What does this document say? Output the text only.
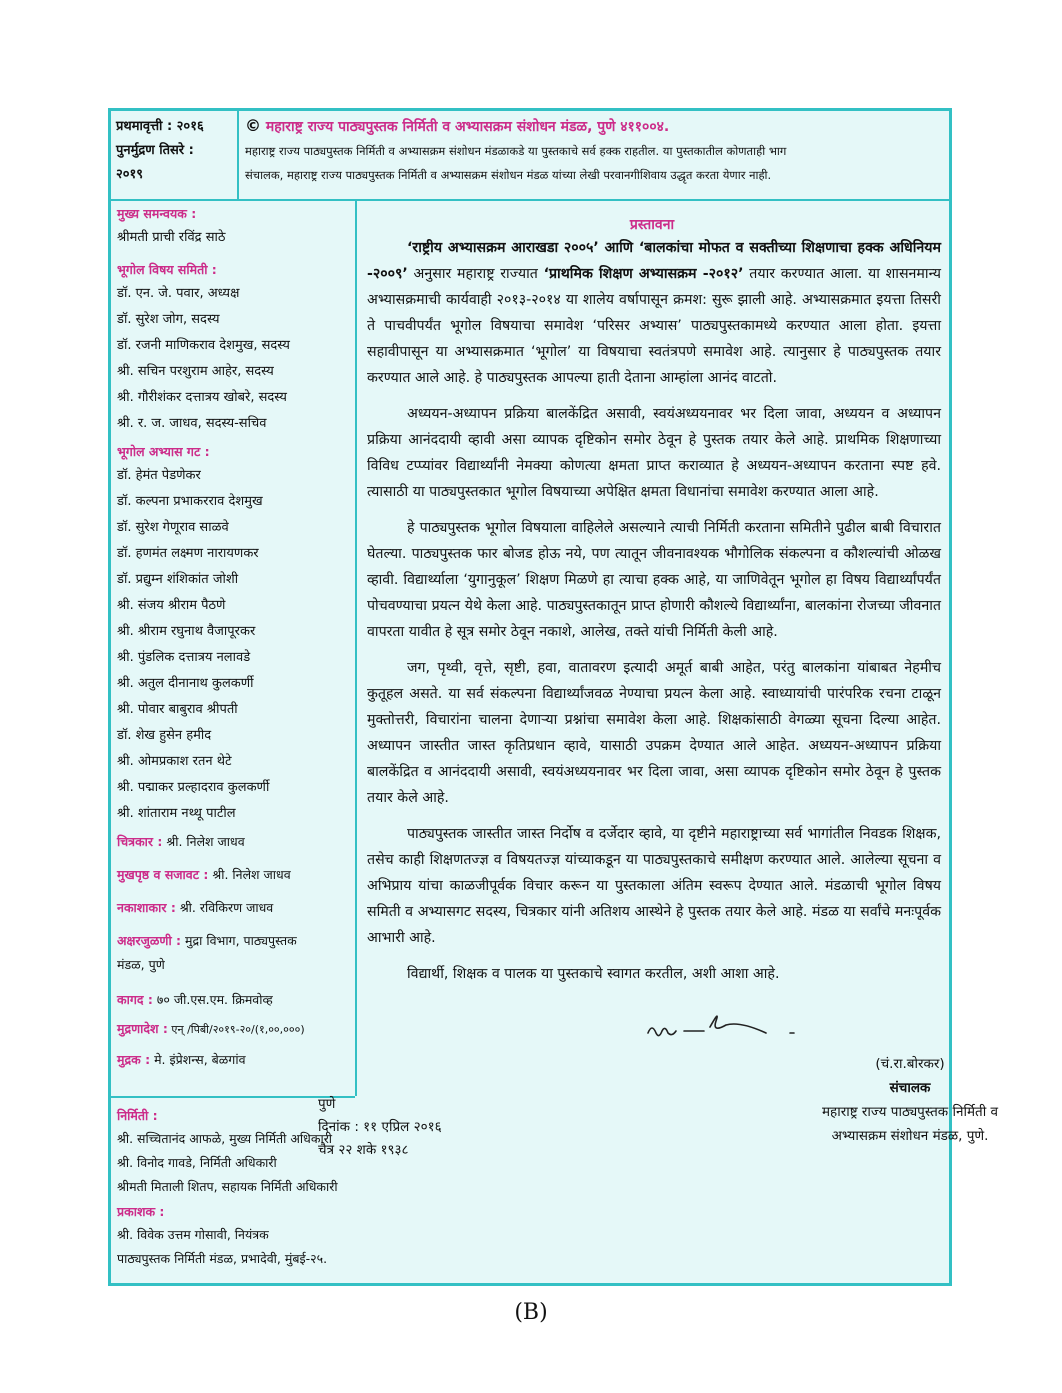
प्रथमावृत्ती : २०१६
पुनर्मुद्रण तिसरे :
२०१९
© महाराष्ट्र राज्य पाठ्यपुस्तक निर्मिती व अभ्यासक्रम संशोधन मंडळ, पुणे ४११००४.
महाराष्ट्र राज्य पाठ्यपुस्तक निर्मिती व अभ्यासक्रम संशोधन मंडळाकडे या पुस्तकाचे सर्व हक्क राहतील. या पुस्तकातील कोणताही भाग
संचालक, महाराष्ट्र राज्य पाठ्यपुस्तक निर्मिती व अभ्यासक्रम संशोधन मंडळ यांच्या लेखी परवानगीशिवाय उद्धृत करता येणार नाही.
मुख्य समन्वयक :
श्रीमती प्राची रविंद्र साठे
भूगोल विषय समिती :
डॉ. एन. जे. पवार, अध्यक्ष
डॉ. सुरेश जोग, सदस्य
डॉ. रजनी माणिकराव देशमुख, सदस्य
श्री. सचिन परशुराम आहेर, सदस्य
श्री. गौरीशंकर दत्तात्रय खोबरे, सदस्य
श्री. र. ज. जाधव, सदस्य-सचिव
भूगोल अभ्यास गट :
डॉ. हेमंत पेडणेकर
डॉ. कल्पना प्रभाकरराव देशमुख
डॉ. सुरेश गेणूराव साळवे
डॉ. हणमंत लक्ष्मण नारायणकर
डॉ. प्रद्युम्न शंशिकांत जोशी
श्री. संजय श्रीराम पैठणे
श्री. श्रीराम रघुनाथ वैजापूरकर
श्री. पुंडलिक दत्तात्रय नलावडे
श्री. अतुल दीनानाथ कुलकर्णी
श्री. पोवार बाबुराव श्रीपती
डॉ. शेख हुसेन हमीद
श्री. ओमप्रकाश रतन थेटे
श्री. पद्माकर प्रल्हादराव कुलकर्णी
श्री. शांताराम नथ्थू पाटील
चित्रकार : श्री. निलेश जाधव
मुखपृष्ठ व सजावट : श्री. निलेश जाधव
नकाशाकार : श्री. रविकिरण जाधव
अक्षरजुळणी : मुद्रा विभाग, पाठ्यपुस्तक
मंडळ, पुणे
कागद : ७० जी.एस.एम. क्रिमवोव्ह
मुद्रणादेश : एन् /पिबी/२०१९-२०/(१,००,०००)
मुद्रक : मे. इंप्रेशन्स, बेळगांव
निर्मिती :
श्री. सच्चितानंद आफळे, मुख्य निर्मिती अधिकारी
श्री. विनोद गावडे, निर्मिती अधिकारी
श्रीमती मिताली शितप, सहायक निर्मिती अधिकारी
प्रकाशक :
श्री. विवेक उत्तम गोसावी, नियंत्रक
पाठ्यपुस्तक निर्मिती मंडळ, प्रभादेवी, मुंबई-२५.
प्रस्तावना

‘राष्ट्रीय अभ्यासक्रम आराखडा २००५’ आणि ‘बालकांचा मोफत व सक्तीच्या शिक्षणाचा हक्क अधिनियम -२००९’ अनुसार महाराष्ट्र राज्यात ‘प्राथमिक शिक्षण अभ्यासक्रम -२०१२’ तयार करण्यात आला. या शासनमान्य अभ्यासक्रमाची कार्यवाही २०१३-२०१४ या शालेय वर्षापासून क्रमश: सुरू झाली आहे. अभ्यासक्रमात इयत्ता तिसरी ते पाचवीपर्यंत भूगोल विषयाचा समावेश ‘परिसर अभ्यास’ पाठ्यपुस्तकामध्ये करण्यात आला होता. इयत्ता सहावीपासून या अभ्यासक्रमात ‘भूगोल’ या विषयाचा स्वतंत्रपणे समावेश आहे. त्यानुसार हे पाठ्यपुस्तक तयार करण्यात आले आहे. हे पाठ्यपुस्तक आपल्या हाती देताना आम्हांला आनंद वाटतो.

अध्ययन-अध्यापन प्रक्रिया बालकेंद्रित असावी, स्वयंअध्ययनावर भर दिला जावा, अध्ययन व अध्यापन प्रक्रिया आनंददायी व्हावी असा व्यापक दृष्टिकोन समोर ठेवून हे पुस्तक तयार केले आहे. प्राथमिक शिक्षणाच्या विविध टप्प्यांवर विद्यार्थ्यांनी नेमक्या कोणत्या क्षमता प्राप्त कराव्यात हे अध्ययन-अध्यापन करताना स्पष्ट हवे. त्यासाठी या पाठ्यपुस्तकात भूगोल विषयाच्या अपेक्षित क्षमता विधानांचा समावेश करण्यात आला आहे.

हे पाठ्यपुस्तक भूगोल विषयाला वाहिलेले असल्याने त्याची निर्मिती करताना समितीने पुढील बाबी विचारात घेतल्या. पाठ्यपुस्तक फार बोजड होऊ नये, पण त्यातून जीवनावश्यक भौगोलिक संकल्पना व कौशल्यांची ओळख व्हावी. विद्यार्थ्याला ‘युगानुकूल’ शिक्षण मिळणे हा त्याचा हक्क आहे, या जाणिवेतून भूगोल हा विषय विद्यार्थ्यांपर्यंत पोचवण्याचा प्रयत्न येथे केला आहे. पाठ्यपुस्तकातून प्राप्त होणारी कौशल्ये विद्यार्थ्यांना, बालकांना रोजच्या जीवनात वापरता यावीत हे सूत्र समोर ठेवून नकाशे, आलेख, तक्ते यांची निर्मिती केली आहे.

जग, पृथ्वी, वृत्ते, सृष्टी, हवा, वातावरण इत्यादी अमूर्त बाबी आहेत, परंतु बालकांना यांबाबत नेहमीच कुतूहल असते. या सर्व संकल्पना विद्यार्थ्यांजवळ नेण्याचा प्रयत्न केला आहे. स्वाध्यायांची पारंपरिक रचना टाळून मुक्तोत्तरी, विचारांना चालना देणाऱ्या प्रश्नांचा समावेश केला आहे. शिक्षकांसाठी वेगळ्या सूचना दिल्या आहेत. अध्यापन जास्तीत जास्त कृतिप्रधान व्हावे, यासाठी उपक्रम देण्यात आले आहेत. अध्ययन-अध्यापन प्रक्रिया बालकेंद्रित व आनंददायी असावी, स्वयंअध्ययनावर भर दिला जावा, असा व्यापक दृष्टिकोन समोर ठेवून हे पुस्तक तयार केले आहे.

पाठ्यपुस्तक जास्तीत जास्त निर्दोष व दर्जेदार व्हावे, या दृष्टीने महाराष्ट्राच्या सर्व भागांतील निवडक शिक्षक, तसेच काही शिक्षणतज्ज्ञ व विषयतज्ज्ञ यांच्याकडून या पाठ्यपुस्तकाचे समीक्षण करण्यात आले. आलेल्या सूचना व अभिप्राय यांचा काळजीपूर्वक विचार करून या पुस्तकाला अंतिम स्वरूप देण्यात आले. मंडळाची भूगोल विषय समिती व अभ्यासगट सदस्य, चित्रकार यांनी अतिशय आस्थेने हे पुस्तक तयार केले आहे. मंडळ या सर्वांचे मनःपूर्वक आभारी आहे.

विद्यार्थी, शिक्षक व पालक या पुस्तकाचे स्वागत करतील, अशी आशा आहे.

(चं.रा.बोरकर)
संचालक
महाराष्ट्र राज्य पाठ्यपुस्तक निर्मिती व
अभ्यासक्रम संशोधन मंडळ, पुणे.
पुणे
दिनांक : ११ एप्रिल २०१६
चैत्र २२ शके १९३८
(B)
